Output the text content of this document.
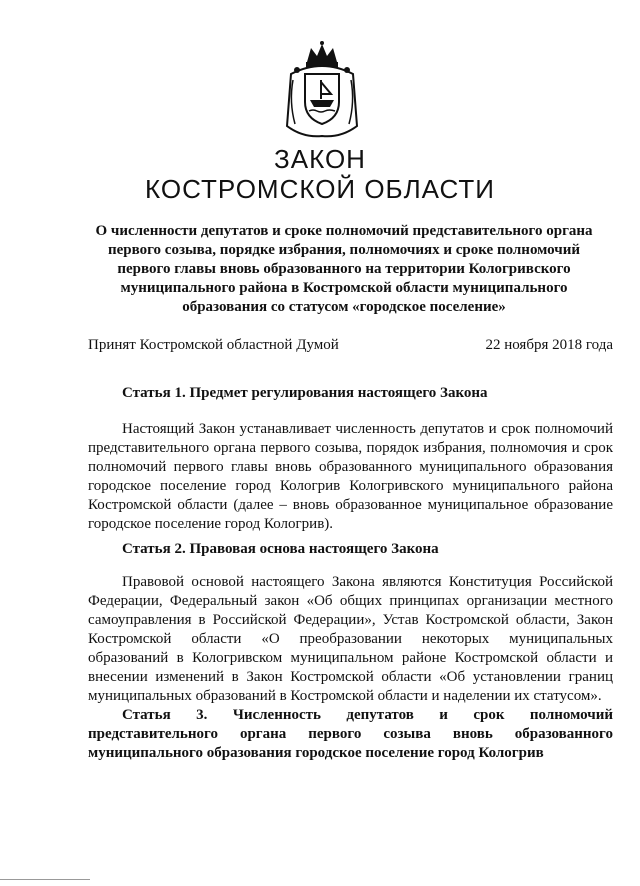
ЗАКОН
КОСТРОМСКОЙ ОБЛАСТИ
О численности депутатов и сроке полномочий представительного органа первого созыва, порядке избрания, полномочиях и сроке полномочий первого главы вновь образованного на территории Кологривского муниципального района в Костромской области муниципального образования со статусом «городское поселение»
Принят Костромской областной Думой	22 ноября 2018 года
Статья 1. Предмет регулирования настоящего Закона
Настоящий Закон устанавливает численность депутатов и срок полномочий представительного органа первого созыва, порядок избрания, полномочия и срок полномочий первого главы вновь образованного муниципального образования городское поселение город Кологрив Кологривского муниципального района Костромской области (далее – вновь образованное муниципальное образование городское поселение город Кологрив).
Статья 2. Правовая основа настоящего Закона
Правовой основой настоящего Закона являются Конституция Российской Федерации, Федеральный закон «Об общих принципах организации местного самоуправления в Российской Федерации», Устав Костромской области, Закон Костромской области «О преобразовании некоторых муниципальных образований в Кологривском муниципальном районе Костромской области и внесении изменений в Закон Костромской области «Об установлении границ муниципальных образований в Костромской области и наделении их статусом».
Статья 3. Численность депутатов и срок полномочий представительного органа первого созыва вновь образованного муниципального образования городское поселение город Кологрив
